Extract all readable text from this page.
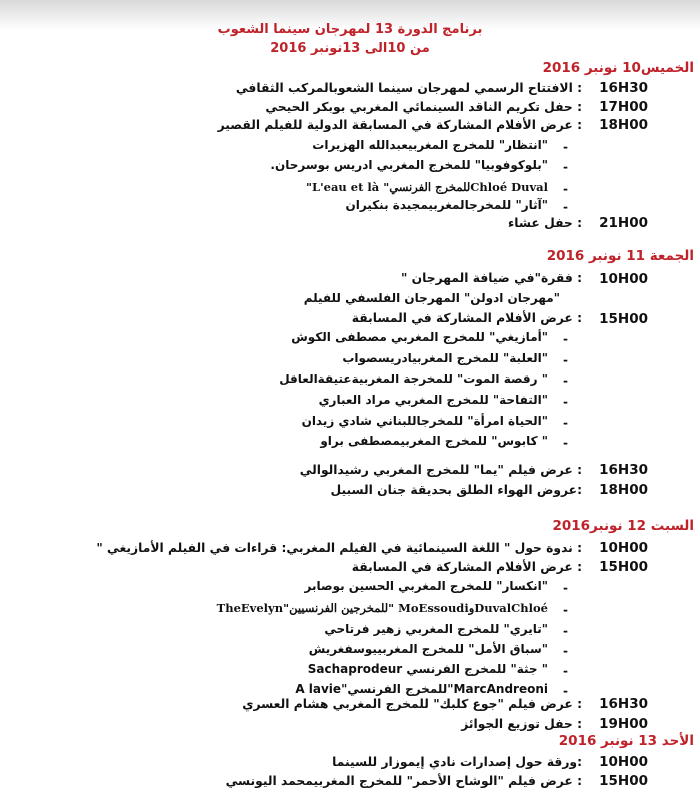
برنامج الدورة 13 لمهرجان سينما الشعوب
من 10الى 13نونبر 2016
الخميس10 نونبر 2016
16H30
: الافتتاح الرسمي لمهرجان سينما الشعوبالمركب الثقافي
17H00
: حفل تكريم الناقد السينمائي المغربي بوبكر الحيحي
18H00
: عرض الأفلام المشاركة في المسابقة الدولية للفيلم القصير
-
"انتظار" للمخرج المغربيعبدالله الهزيرات
-
"بلوكوفوبيا" للمخرج المغربي ادريس بوسرحان.
-
Chloé Duvalللمخرج الفرنسي" L'eau et là"
-
"آثار" للمخرجالمغربيمجيدة بنكيران
21H00
: حفل عشاء
الجمعة 11 نونبر 2016
10H00
: فقرة"في ضيافة المهرجان "
"مهرجان ادولن" المهرجان الفلسفي للفيلم
15H00
: عرض الأفلام المشاركة في المسابقة
-
"أمازيغي" للمخرج المغربي مصطفى الكوش
-
"العلبة" للمخرج المغربيادريسصواب
-
" رقصة الموت" للمخرجة المغربيةعتيقةالعاقل
-
"التفاحة" للمخرج المغربي مراد العباري
-
"الحياة امرأة" للمخرجاللبناني شادي زيدان
-
" كابوس" للمخرج المغربيمصطفى براو
16H30
: عرض فيلم "يما" للمخرج المغربي رشيدالوالي
18H00
:عروض الهواء الطلق بحديقة جنان السبيل
السبت 12 نونبر2016
10H00
: ندوة حول " اللغة السينمائية في الفيلم المغربي: قراءات في الفيلم الأمازيغي "
15H00
: عرض الأفلام المشاركة في المسابقة
-
"انكسار" للمخرج المغربي الحسين بوصابر
-
DuvalChloéوMoEssoudi "للمخرجين الفرنسيين"TheEvelyn
-
"تايري" للمخرج المغربي زهير فرتاحي
-
"سباق الأمل" للمخرج المغربييوسفغريش
-
" جثة" للمخرج الفرنسي Sachaprodeur
-
MarcAndreoni"للمخرج الفرنسي"A lavie
16H30
: عرض فيلم "جوع كلبك" للمخرج المغربي هشام العسري
19H00
: حفل توزيع الجوائز
الأحد 13 نونبر 2016
10H00
:ورقة حول إصدارات نادي إيموزار للسينما
15H00
: عرض فيلم "الوشاح الأحمر" للمخرج المغربيمحمد اليونسي
